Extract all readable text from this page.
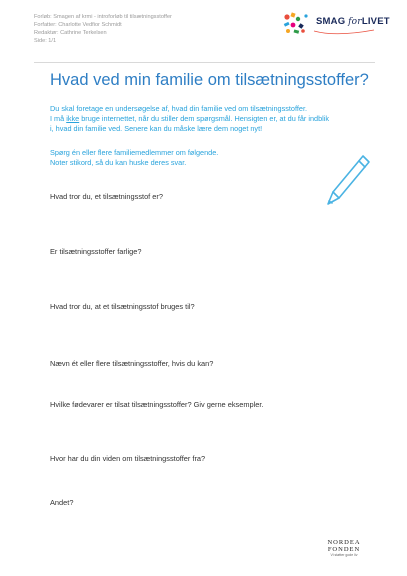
Forløb: Smagen af krmi - introforløb til tilsætningsstoffer
Forfatter: Charlotte Vedfior Schmidt
Redaktør: Cathrine Terkelsen
Side: 1/1
SMAG forLIVET
Hvad ved min familie om tilsætningsstoffer?

Du skal foretage en undersøgelse af, hvad din familie ved om tilsætningsstoffer.

I må ikke bruge internettet, når du stiller dem spørgsmål. Hensigten er, at du får indblik

i, hvad din familie ved. Senere kan du måske lære dem noget nyt!

Spørg én eller flere familiemedlemmer om følgende.

Noter stikord, så du kan huske deres svar.

Hvad tror du, et tilsætningsstof er?
Er tilsætningsstoffer farlige?
Hvad tror du, at et tilsætningsstof bruges til?
Nævn ét eller flere tilsætningsstoffer, hvis du kan?
Hvilke fødevarer er tilsat tilsætningsstoffer? Giv gerne eksempler.
Hvor har du din viden om tilsætningsstoffer fra?
Andet?
NORDEA
FONDEN
Vi støtter gode liv
